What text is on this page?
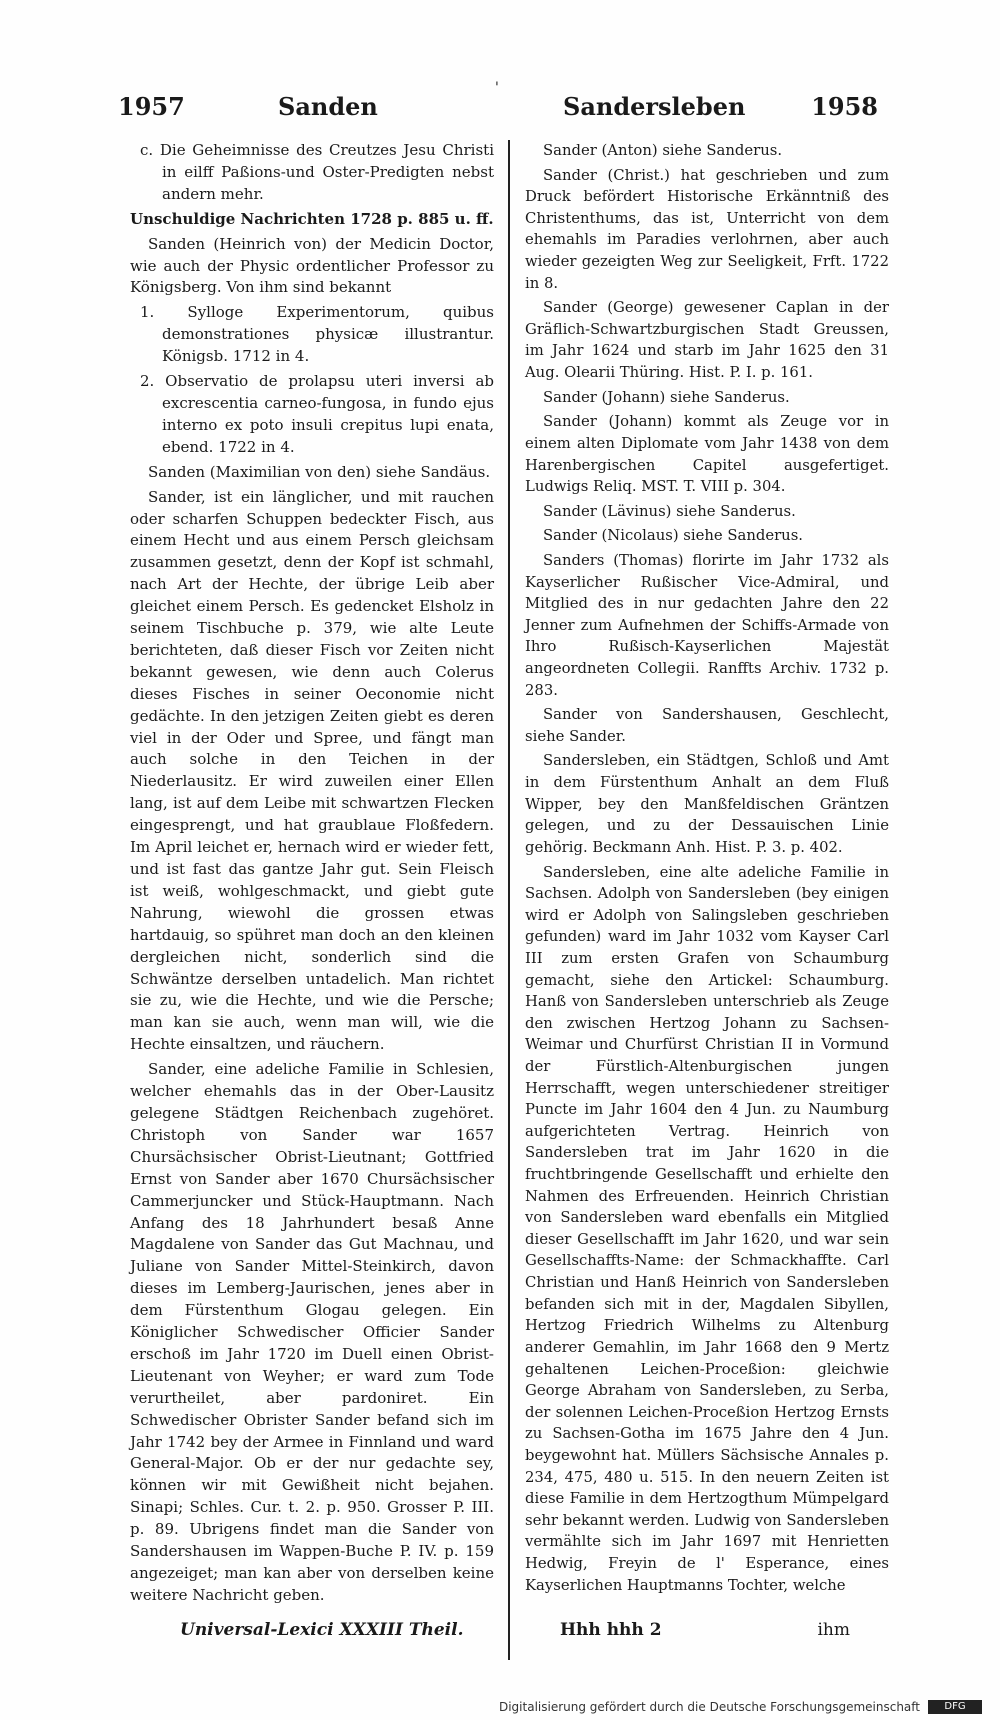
'
1957	Sanden	Sandersleben	1958

c. Die Geheimnisse des Creutzes Jesu Christi in eilff Paßions-und Oster-Predigten nebst andern mehr.

Unschuldige Nachrichten 1728 p. 885 u. ff.

Sanden (Heinrich von) der Medicin Doctor, wie auch der Physic ordentlicher Professor zu Königsberg. Von ihm sind bekannt

1. Sylloge Experimentorum, quibus demonstrationes physicæ illustrantur. Königsb. 1712 in 4.

2. Observatio de prolapsu uteri inversi ab excrescentia carneo-fungosa, in fundo ejus interno ex poto insuli crepitus lupi enata, ebend. 1722 in 4.

Sanden (Maximilian von den) siehe Sandäus.

Sander, ist ein länglicher, und mit rauchen oder scharfen Schuppen bedeckter Fisch, aus einem Hecht und aus einem Persch gleichsam zusammen gesetzt, denn der Kopf ist schmahl, nach Art der Hechte, der übrige Leib aber gleichet einem Persch. Es gedencket Elsholz in seinem Tischbuche p. 379, wie alte Leute berichteten, daß dieser Fisch vor Zeiten nicht bekannt gewesen, wie denn auch Colerus dieses Fisches in seiner Oeconomie nicht gedächte. In den jetzigen Zeiten giebt es deren viel in der Oder und Spree, und fängt man auch solche in den Teichen in der Niederlausitz. Er wird zuweilen einer Ellen lang, ist auf dem Leibe mit schwartzen Flecken eingesprengt, und hat graublaue Floßfedern. Im April leichet er, hernach wird er wieder fett, und ist fast das gantze Jahr gut. Sein Fleisch ist weiß, wohlgeschmackt, und giebt gute Nahrung, wiewohl die grossen etwas hartdauig, so spühret man doch an den kleinen dergleichen nicht, sonderlich sind die Schwäntze derselben untadelich. Man richtet sie zu, wie die Hechte, und wie die Persche; man kan sie auch, wenn man will, wie die Hechte einsaltzen, und räuchern.

Sander, eine adeliche Familie in Schlesien, welcher ehemahls das in der Ober-Lausitz gelegene Städtgen Reichenbach zugehöret. Christoph von Sander war 1657 Chursächsischer Obrist-Lieutnant; Gottfried Ernst von Sander aber 1670 Chursächsischer Cammerjuncker und Stück-Hauptmann. Nach Anfang des 18 Jahrhundert besaß Anne Magdalene von Sander das Gut Machnau, und Juliane von Sander Mittel-Steinkirch, davon dieses im Lemberg-Jaurischen, jenes aber in dem Fürstenthum Glogau gelegen. Ein Königlicher Schwedischer Officier Sander erschoß im Jahr 1720 im Duell einen Obrist-Lieutenant von Weyher; er ward zum Tode verurtheilet, aber pardoniret. Ein Schwedischer Obrister Sander befand sich im Jahr 1742 bey der Armee in Finnland und ward General-Major. Ob er der nur gedachte sey, können wir mit Gewißheit nicht bejahen. Sinapi; Schles. Cur. t. 2. p. 950. Grosser P. III. p. 89. Ubrigens findet man die Sander von Sandershausen im Wappen-Buche P. IV. p. 159 angezeiget; man kan aber von derselben keine weitere Nachricht geben.

Sander (Anton) siehe Sanderus.

Sander (Christ.) hat geschrieben und zum Druck befördert Historische Erkänntniß des Christenthums, das ist, Unterricht von dem ehemahls im Paradies verlohrnen, aber auch wieder gezeigten Weg zur Seeligkeit, Frft. 1722 in 8.

Sander (George) gewesener Caplan in der Gräflich-Schwartzburgischen Stadt Greussen, im Jahr 1624 und starb im Jahr 1625 den 31 Aug. Olearii Thüring. Hist. P. I. p. 161.

Sander (Johann) siehe Sanderus.

Sander (Johann) kommt als Zeuge vor in einem alten Diplomate vom Jahr 1438 von dem Harenbergischen Capitel ausgefertiget. Ludwigs Reliq. MST. T. VIII p. 304.

Sander (Lävinus) siehe Sanderus.

Sander (Nicolaus) siehe Sanderus.

Sanders (Thomas) florirte im Jahr 1732 als Kayserlicher Rußischer Vice-Admiral, und Mitglied des in nur gedachten Jahre den 22 Jenner zum Aufnehmen der Schiffs-Armade von Ihro Rußisch-Kayserlichen Majestät angeordneten Collegii. Ranffts Archiv. 1732 p. 283.

Sander von Sandershausen, Geschlecht, siehe Sander.

Sandersleben, ein Städtgen, Schloß und Amt in dem Fürstenthum Anhalt an dem Fluß Wipper, bey den Manßfeldischen Gräntzen gelegen, und zu der Dessauischen Linie gehörig. Beckmann Anh. Hist. P. 3. p. 402.

Sandersleben, eine alte adeliche Familie in Sachsen. Adolph von Sandersleben (bey einigen wird er Adolph von Salingsleben geschrieben gefunden) ward im Jahr 1032 vom Kayser Carl III zum ersten Grafen von Schaumburg gemacht, siehe den Artickel: Schaumburg. Hanß von Sandersleben unterschrieb als Zeuge den zwischen Hertzog Johann zu Sachsen-Weimar und Churfürst Christian II in Vormund der Fürstlich-Altenburgischen jungen Herrschafft, wegen unterschiedener streitiger Puncte im Jahr 1604 den 4 Jun. zu Naumburg aufgerichteten Vertrag. Heinrich von Sandersleben trat im Jahr 1620 in die fruchtbringende Gesellschafft und erhielte den Nahmen des Erfreuenden. Heinrich Christian von Sandersleben ward ebenfalls ein Mitglied dieser Gesellschafft im Jahr 1620, und war sein Gesellschaffts-Name: der Schmackhaffte. Carl Christian und Hanß Heinrich von Sandersleben befanden sich mit in der, Magdalen Sibyllen, Hertzog Friedrich Wilhelms zu Altenburg anderer Gemahlin, im Jahr 1668 den 9 Mertz gehaltenen Leichen-Proceßion: gleichwie George Abraham von Sandersleben, zu Serba, der solennen Leichen-Proceßion Hertzog Ernsts zu Sachsen-Gotha im 1675 Jahre den 4 Jun. beygewohnt hat. Müllers Sächsische Annales p. 234, 475, 480 u. 515. In den neuern Zeiten ist diese Familie in dem Hertzogthum Mümpelgard sehr bekannt werden. Ludwig von Sandersleben vermählte sich im Jahr 1697 mit Henrietten Hedwig, Freyin de l' Esperance, eines Kayserlichen Hauptmanns Tochter, welche

Universal-Lexici XXXIII Theil.	Hhh hhh 2	ihm
Digitalisierung gefördert durch die Deutsche Forschungsgemeinschaft	DFG
